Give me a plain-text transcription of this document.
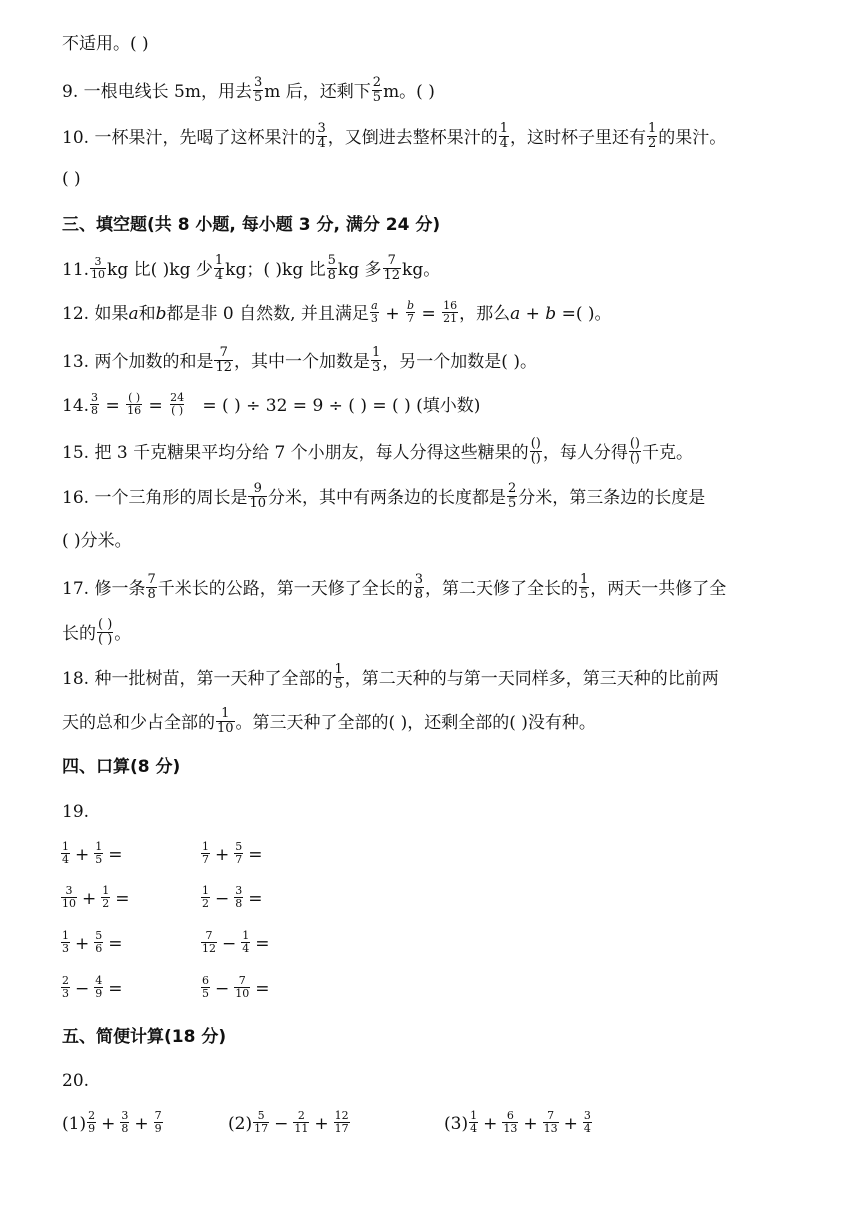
不适用。( )
9. 一根电线长 5m，用去 $\frac{3}{5}$ m 后，还剩下 $\frac{2}{5}$ m。( )
10. 一杯果汁，先喝了这杯果汁的 $\frac{3}{4}$ ，又倒进去整杯果汁的 $\frac{1}{4}$ ，这时杯子里还有 $\frac{1}{2}$ 的果汁。
( )
三、填空题(共 8 小题, 每小题 3 分, 满分 24 分)
11. $\frac{3}{10}$ kg 比( )kg 少 $\frac{1}{4}$ kg；( )kg 比 $\frac{5}{8}$ kg 多 $\frac{7}{12}$ kg。
12. 如果a和b都是非 0 自然数, 并且满足 $\frac{a}{3} + \frac{b}{7} = \frac{16}{21}$ ，那么a + b =( )。
13. 两个加数的和是 $\frac{7}{12}$ ，其中一个加数是 $\frac{1}{3}$ ，另一个加数是( )。
14. $\frac{3}{8}$ = ( )
16 = 24
( ) = ( ) ÷ 32 = 9 ÷ ( ) = ( ) (填小数)
15. 把 3 千克糖果平均分给 7 个小朋友，每人分得这些糖果的 ()
() ，每人分得 ()
() 千克。
16. 一个三角形的周长是 $\frac{9}{10}$ 分米，其中有两条边的长度都是 $\frac{2}{5}$ 分米，第三条边的长度是
( )分米。
17. 修一条 $\frac{7}{8}$ 千米长的公路，第一天修了全长的 $\frac{3}{8}$ ，第二天修了全长的 $\frac{1}{5}$ ，两天一共修了全
长的 ( )
( ) 。
18. 种一批树苗，第一天种了全部的 $\frac{1}{5}$ ，第二天种的与第一天同样多，第三天种的比前两
天的总和少占全部的 $\frac{1}{10}$ 。第三天种了全部的( )，还剩全部的( )没有种。
四、口算(8 分)
19.
$\frac{1}{4} + \frac{1}{5}$ =	$\frac{1}{7} + \frac{5}{7}$ =
$\frac{3}{10} + \frac{1}{2}$ =	$\frac{1}{2} - \frac{3}{8}$ =
$\frac{1}{3} + \frac{5}{6}$ =	$\frac{7}{12} - \frac{1}{4}$ =
$\frac{2}{3} - \frac{4}{9}$ =	$\frac{6}{5} - \frac{7}{10}$ =
五、简便计算(18 分)
20.
$(1) \frac{2}{9} + \frac{3}{8} + \frac{7}{9}$	$(2) \frac{5}{17} - \frac{2}{11} + \frac{12}{17}$	$(3) \frac{1}{4} + \frac{6}{13} + \frac{7}{13} + \frac{3}{4}$
